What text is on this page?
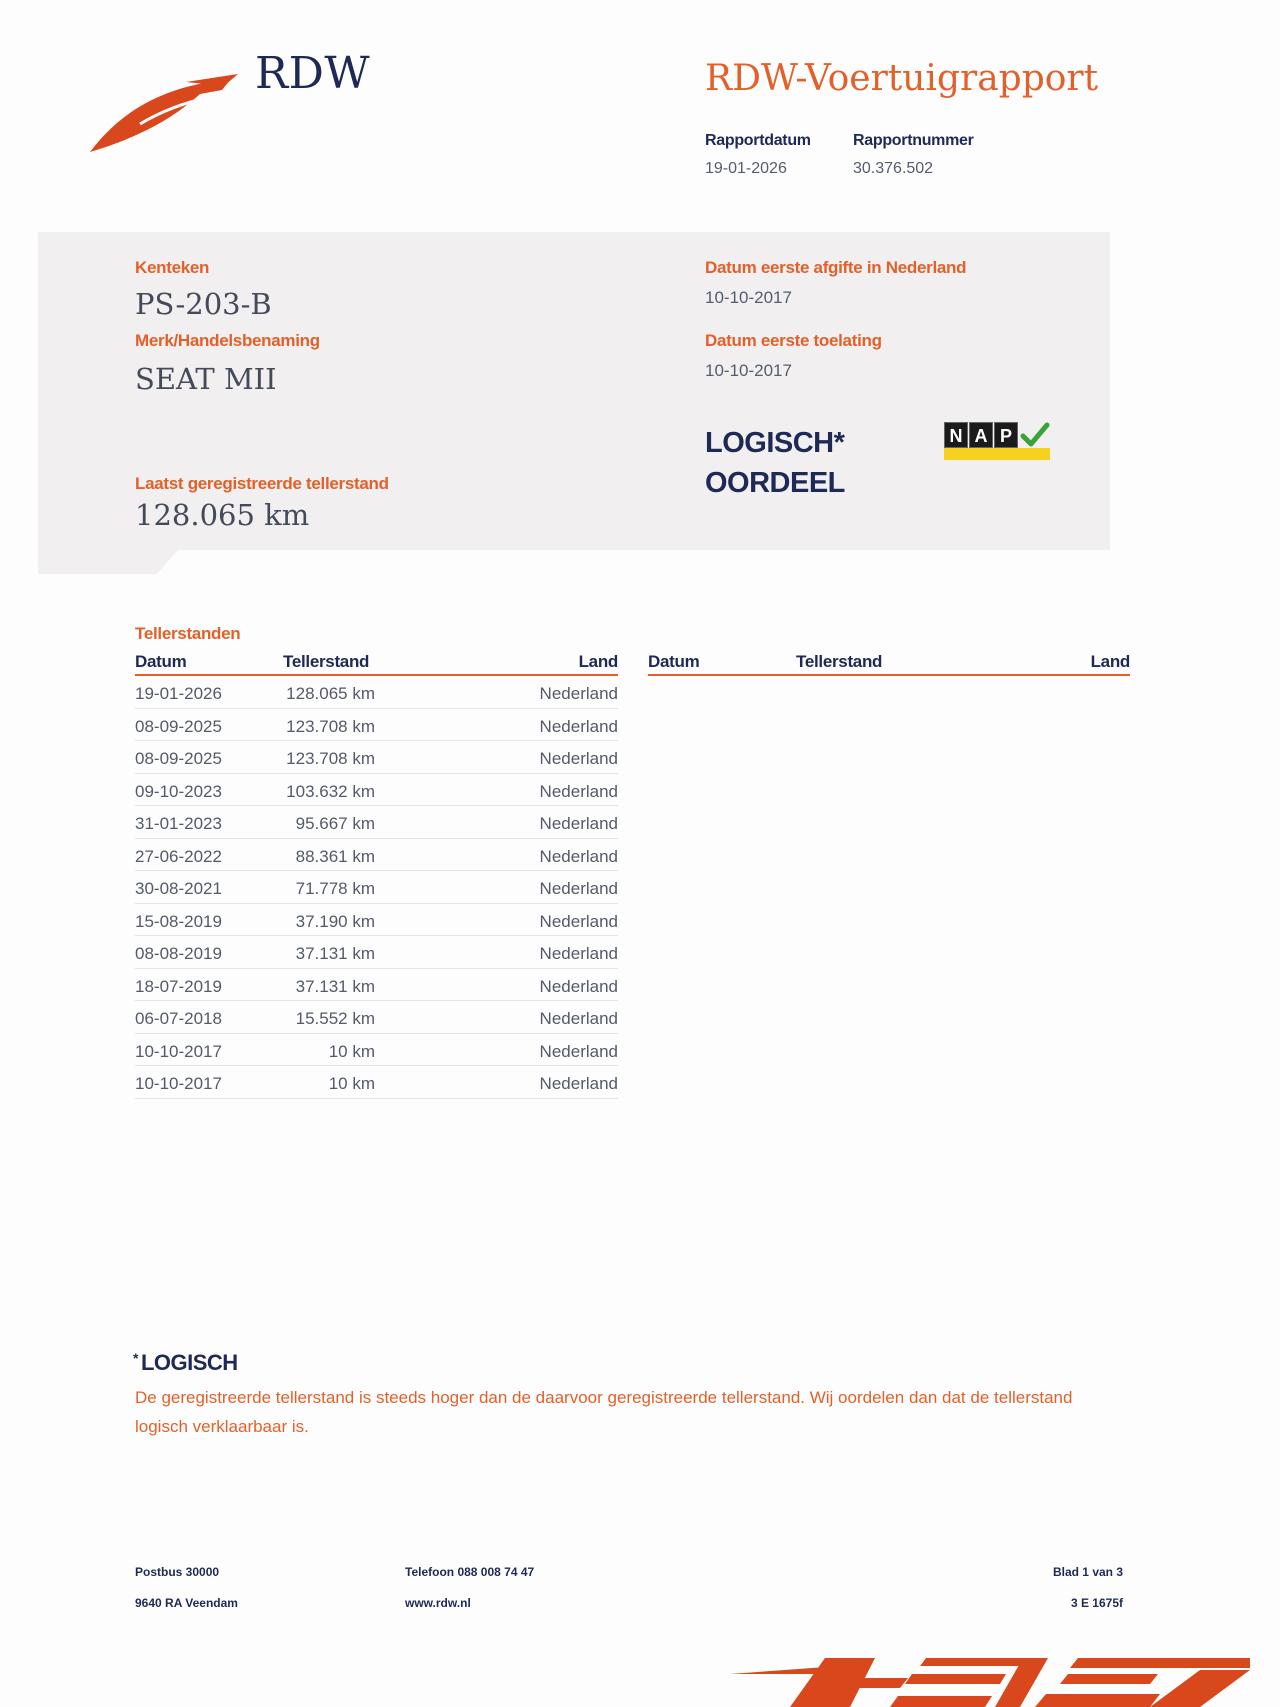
RDW	RDW-Voertuigrapport
Rapportdatum
19-01-2026
Rapportnummer
30.376.502
Kenteken
PS-203-B
Merk/Handelsbenaming
SEAT MII
Laatst geregistreerde tellerstand
128.065 km
Datum eerste afgifte in Nederland
10-10-2017
Datum eerste toelating
10-10-2017
LOGISCH*
OORDEEL
N A P
Tellerstanden
Datum	Tellerstand	Land
19-01-2026	128.065 km	Nederland
08-09-2025	123.708 km	Nederland
08-09-2025	123.708 km	Nederland
09-10-2023	103.632 km	Nederland
31-01-2023	95.667 km	Nederland
27-06-2022	88.361 km	Nederland
30-08-2021	71.778 km	Nederland
15-08-2019	37.190 km	Nederland
08-08-2019	37.131 km	Nederland
18-07-2019	37.131 km	Nederland
06-07-2018	15.552 km	Nederland
10-10-2017	10 km	Nederland
10-10-2017	10 km	Nederland
Datum	Tellerstand	Land
* LOGISCH
De geregistreerde tellerstand is steeds hoger dan de daarvoor geregistreerde tellerstand. Wij oordelen dan dat de tellerstand logisch verklaarbaar is.
Postbus 30000
9640 RA Veendam
Telefoon 088 008 74 47
www.rdw.nl
Blad 1 van 3
3 E 1675f
